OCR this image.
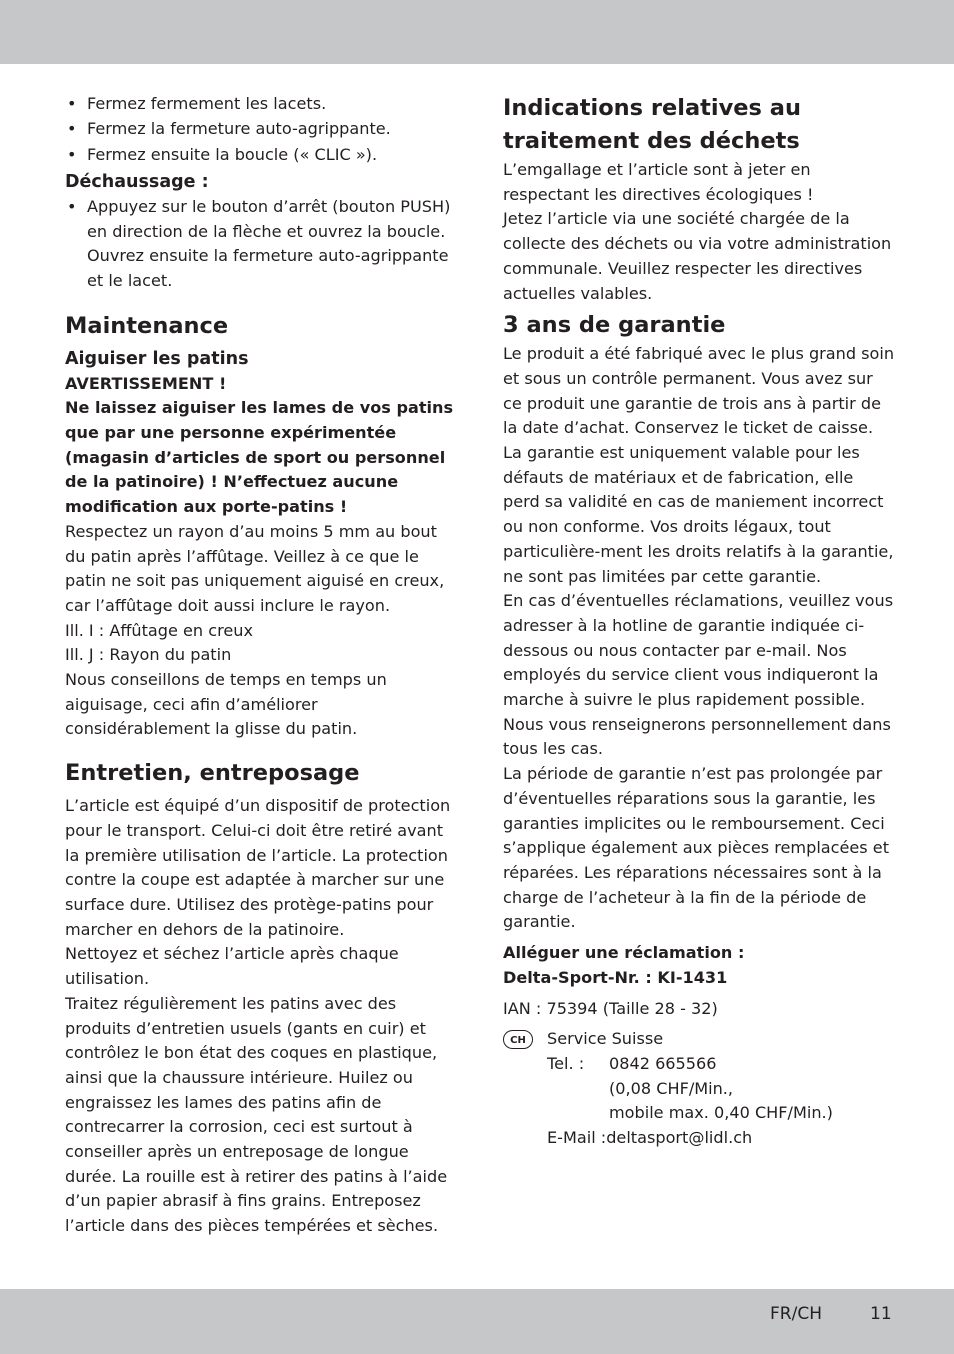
• Fermez fermement les lacets.
• Fermez la fermeture auto-agrippante.
• Fermez ensuite la boucle (« CLIC »).

Déchaussage :

• Appuyez sur le bouton d’arrêt (bouton PUSH) en direction de la flèche et ouvrez la boucle. Ouvrez ensuite la fermeture auto-agrippante et le lacet.
Maintenance
Aiguiser les patins

AVERTISSEMENT !

Ne laissez aiguiser les lames de vos patins que par une personne expérimentée (magasin d’articles de sport ou personnel de la patinoire) ! N’effectuez aucune modification aux porte-patins !

Respectez un rayon d’au moins 5 mm au bout du patin après l’affûtage. Veillez à ce que le patin ne soit pas uniquement aiguisé en creux, car l’affûtage doit aussi inclure le rayon.

Ill. I : Affûtage en creux

Ill. J : Rayon du patin

Nous conseillons de temps en temps un aiguisage, ceci afin d’améliorer considérablement la glisse du patin.

Entretien, entreposage

L’article est équipé d’un dispositif de protection pour le transport. Celui-ci doit être retiré avant la première utilisation de l’article. La protection contre la coupe est adaptée à marcher sur une surface dure. Utilisez des protège-patins pour marcher en dehors de la patinoire.

Nettoyez et séchez l’article après chaque utilisation.

Traitez régulièrement les patins avec des produits d’entretien usuels (gants en cuir) et contrôlez le bon état des coques en plastique, ainsi que la chaussure intérieure. Huilez ou engraissez les lames des patins afin de contrecarrer la corrosion, ceci est surtout à conseiller après un entreposage de longue durée. La rouille est à retirer des patins à l’aide d’un papier abrasif à fins grains. Entreposez l’article dans des pièces tempérées et sèches.

Indications relatives au traitement des déchets

L’emgallage et l’article sont à jeter en respectant les directives écologiques !

Jetez l’article via une société chargée de la collecte des déchets ou via votre administration communale. Veuillez respecter les directives actuelles valables.

3 ans de garantie

Le produit a été fabriqué avec le plus grand soin et sous un contrôle permanent. Vous avez sur ce produit une garantie de trois ans à partir de la date d’achat. Conservez le ticket de caisse.

La garantie est uniquement valable pour les défauts de matériaux et de fabrication, elle perd sa validité en cas de maniement incorrect ou non conforme. Vos droits légaux, tout particulière-ment les droits relatifs à la garantie, ne sont pas limitées par cette garantie.

En cas d’éventuelles réclamations, veuillez vous adresser à la hotline de garantie indiquée ci-dessous ou nous contacter par e-mail. Nos employés du service client vous indiqueront la marche à suivre le plus rapidement possible. Nous vous renseignerons personnellement dans tous les cas.

La période de garantie n’est pas prolongée par d’éventuelles réparations sous la garantie, les garanties implicites ou le remboursement. Ceci s’applique également aux pièces remplacées et réparées. Les réparations nécessaires sont à la charge de l’acheteur à la fin de la période de garantie.

Alléguer une réclamation :

Delta-Sport-Nr. : KI-1431

IAN : 75394 (Taille 28 - 32)

CH	Service Suisse

Tel. :	0842 665566

(0,08 CHF/Min.,

mobile max. 0,40 CHF/Min.)

E-Mail :deltasport@lidl.ch

FR/CH	11
